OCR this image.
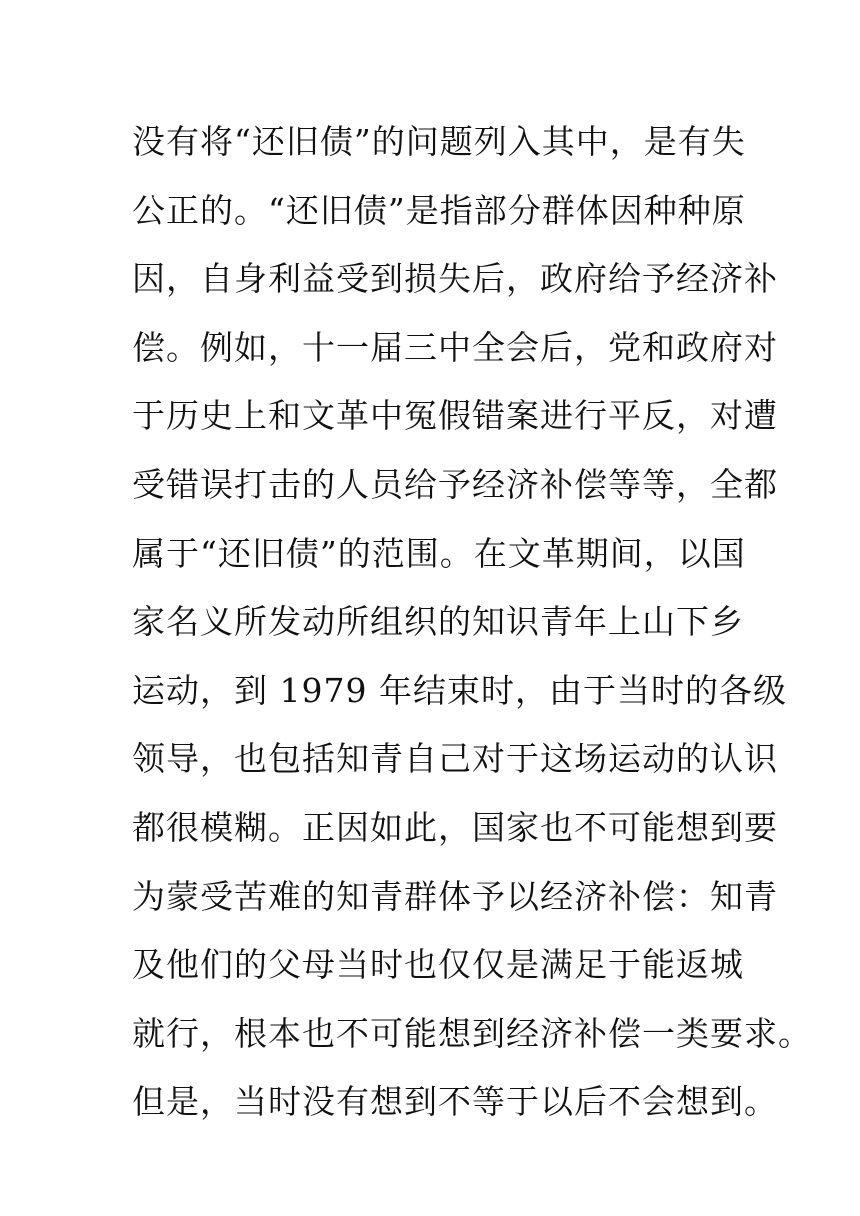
没有将“还旧债”的问题列入其中，是有失
公正的。“还旧债”是指部分群体因种种原
因，自身利益受到损失后，政府给予经济补
偿。例如，十一届三中全会后，党和政府对
于历史上和文革中冤假错案进行平反，对遭
受错误打击的人员给予经济补偿等等，全都
属于“还旧债”的范围。在文革期间，以国
家名义所发动所组织的知识青年上山下乡
运动，到 1979 年结束时，由于当时的各级
领导，也包括知青自己对于这场运动的认识
都很模糊。正因如此，国家也不可能想到要
为蒙受苦难的知青群体予以经济补偿：知青
及他们的父母当时也仅仅是满足于能返城
就行，根本也不可能想到经济补偿一类要求。
但是，当时没有想到不等于以后不会想到。
